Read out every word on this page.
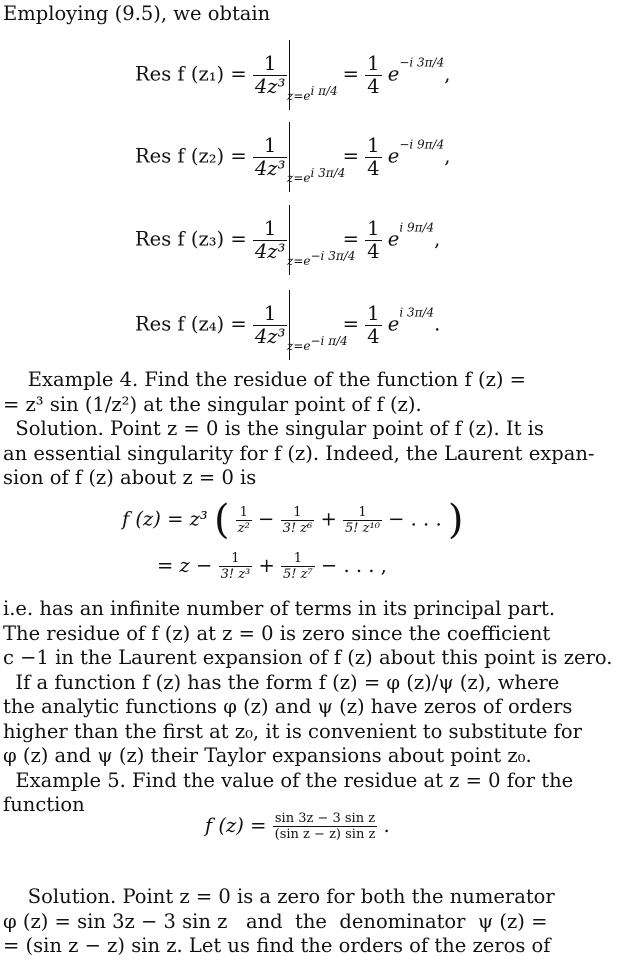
Employing (9.5), we obtain
Res f $(z_1) = \frac{1}{\text{4z³}}$	= $\frac{1}{4} e^{-i 3\pi/4}$,
$z=e^{i \pi/4}$
Res f $(z_2) = \frac{1}{\text{4z³}}$	= $\frac{1}{4} e^{-i 9\pi/4}$,
$z=e^{i 3\pi/4}$
Res f $(z_3) = \frac{1}{\text{4z³}}$	= $\frac{1}{4} e^{i 9\pi/4}$,
$z=e^{-i 3\pi/4}$
Res f $(z_4) = \frac{1}{\text{4z³}}$	= $\frac{1}{4} e^{i 3\pi/4}$.
$z=e^{-i \pi/4}$
Example 4. Find the residue of the function f (z) =
= z³ sin (1/z²) at the singular point of f (z).
Solution. Point z = 0 is the singular point of f (z). It is
an essential singularity for f (z). Indeed, the Laurent expan-
sion of f (z) about z = 0 is
f (z) = z³ ( $\frac{1}{\text{z²}} - \frac{1}{\text{3! z⁶}} + \frac{1}{\text{5! z¹⁰}}$ − . . . )
= $z - \frac{1}{\text{3! z³}} + \frac{1}{\text{5! z⁷}}$ − . . . ,
i.e. has an infinite number of terms in its principal part.
The residue of f (z) at z = 0 is zero since the coefficient
c −1 in the Laurent expansion of f (z) about this point is zero.
If a function f (z) has the form f (z) = φ (z)/ψ (z), where
the analytic functions φ (z) and ψ (z) have zeros of orders
higher than the first at z₀, it is convenient to substitute for
φ (z) and ψ (z) their Taylor expansions about point z₀.
Example 5. Find the value of the residue at z = 0 for the
function
f $(z) = \frac{\text{sin 3z − 3 sin z}}{\text{(sin z − z) sin z}}$ .
Solution. Point z = 0 is a zero for both the numerator
φ (z) = sin 3z − 3 sin z   and  the  denominator  ψ (z) =
= (sin z − z) sin z. Let us find the orders of the zeros of
